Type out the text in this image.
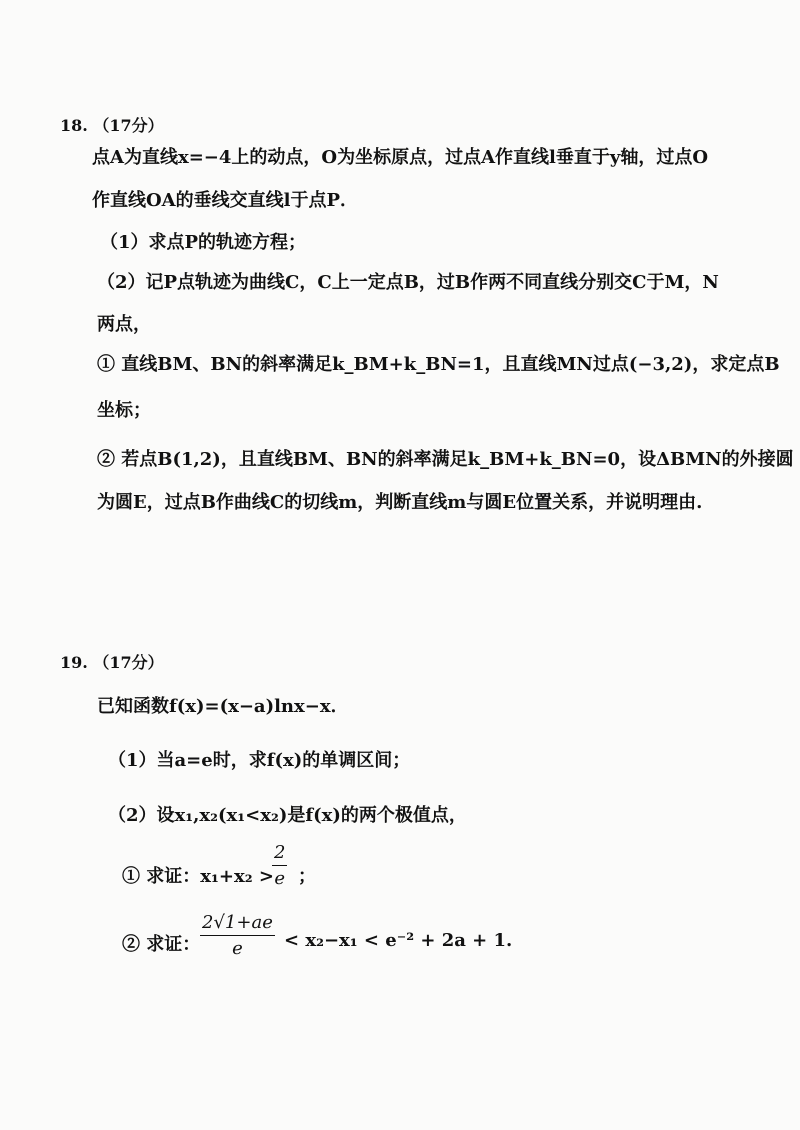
18. （17分）
点A为直线x=−4上的动点，O为坐标原点，过点A作直线l垂直于y轴，过点O
作直线OA的垂线交直线l于点P．
（1）求点P的轨迹方程；
（2）记P点轨迹为曲线C，C上一定点B，过B作两不同直线分别交C于M，N
两点，
① 直线BM、BN的斜率满足k_BM+k_BN=1，且直线MN过点(−3,2)，求定点B
坐标；
② 若点B(1,2)，且直线BM、BN的斜率满足k_BM+k_BN=0，设ΔBMN的外接圆
为圆E，过点B作曲线C的切线m，判断直线m与圆E位置关系，并说明理由.
19. （17分）
已知函数f(x)=(x−a)lnx−x．
（1）当a=e时，求f(x)的单调区间；
（2）设x₁,x₂(x₁<x₂)是f(x)的两个极值点，
① 求证：x₁+x₂ >
$\frac{2}{e}$ ；
② 求证： $\frac{2√1+ae}{e} < x_2-x_1 < e^{-2} + 2a + 1$.
